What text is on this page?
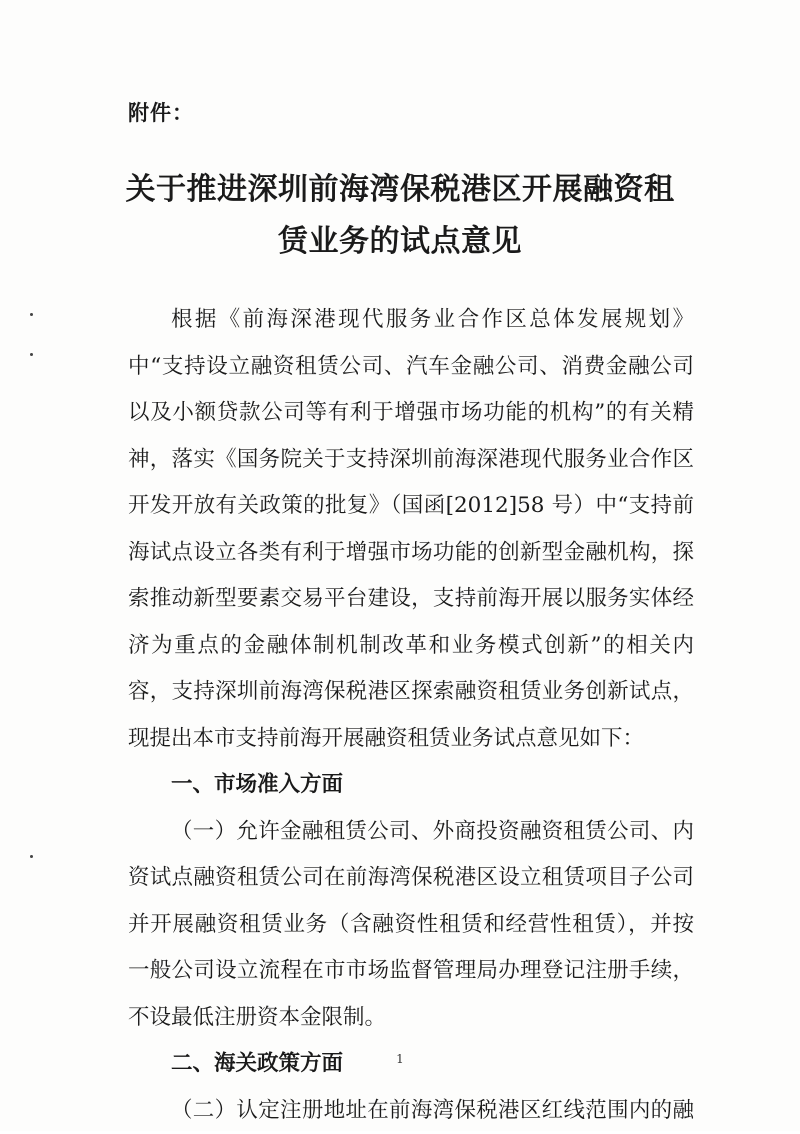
附件：
关于推进深圳前海湾保税港区开展融资租
赁业务的试点意见

根据《前海深港现代服务业合作区总体发展规划》中“支持设立融资租赁公司、汽车金融公司、消费金融公司以及小额贷款公司等有利于增强市场功能的机构”的有关精神，落实《国务院关于支持深圳前海深港现代服务业合作区开发开放有关政策的批复》（国函[2012]58 号）中“支持前海试点设立各类有利于增强市场功能的创新型金融机构，探索推动新型要素交易平台建设，支持前海开展以服务实体经济为重点的金融体制机制改革和业务模式创新”的相关内容，支持深圳前海湾保税港区探索融资租赁业务创新试点，现提出本市支持前海开展融资租赁业务试点意见如下：

一、市场准入方面

（一）允许金融租赁公司、外商投资融资租赁公司、内资试点融资租赁公司在前海湾保税港区设立租赁项目子公司并开展融资租赁业务（含融资性租赁和经营性租赁），并按一般公司设立流程在市市场监督管理局办理登记注册手续，不设最低注册资本金限制。

二、海关政策方面

（二）认定注册地址在前海湾保税港区红线范围内的融

1
